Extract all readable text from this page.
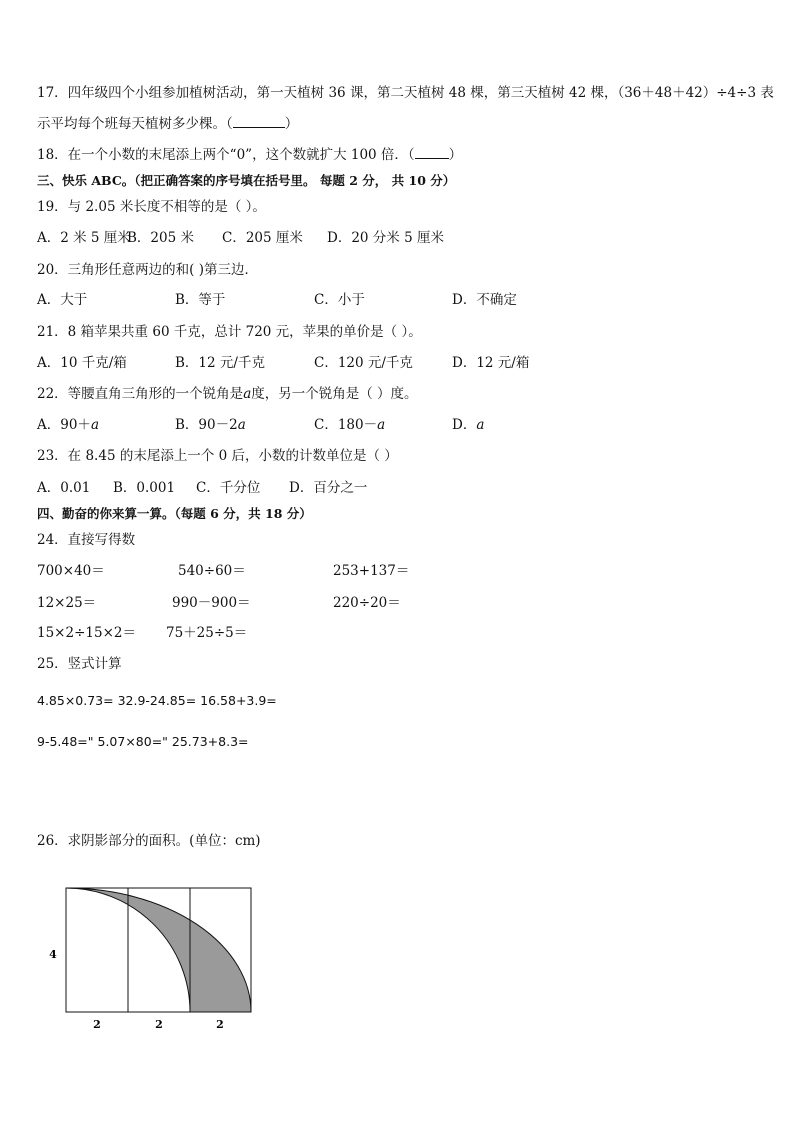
17．四年级四个小组参加植树活动，第一天植树 36 课，第二天植树 48 棵，第三天植树 42 棵，（36＋48＋42）÷4÷3 表
示平均每个班每天植树多少棵。（	）
18．在一个小数的末尾添上两个“0”，这个数就扩大 100 倍．（	）
三、快乐 ABC。（把正确答案的序号填在括号里。 每题 2 分， 共 10 分）
19．与 2.05 米长度不相等的是（ ）。
A．2 米 5 厘米
B．205 米 C．205 厘米 D．20 分米 5 厘米
20．三角形任意两边的和( )第三边．
A．大于	B．等于	C．小于	D．不确定
21．8 箱苹果共重 60 千克，总计 720 元，苹果的单价是（ ）。
A．10 千克/箱	B．12 元/千克	C．120 元/千克	D．12 元/箱
22．等腰直角三角形的一个锐角是a度，另一个锐角是（ ）度。
A．90＋a	B．90－2a	C．180－a	D．a
23．在 8.45 的末尾添上一个 0 后，小数的计数单位是（ ）
A．0.01 B．0.001 C．千分位 D．百分之一
四、勤奋的你来算一算。（每题 6 分，共 18 分）
24．直接写得数
700×40＝	540÷60＝	253+137＝
12×25＝	990－900＝	220÷20＝
15×2÷15×2＝ 75＋25÷5＝
25．竖式计算
4.85×0.73= 32.9-24.85= 16.58+3.9=
9-5.48=" 5.07×80=" 25.73+8.3=
26．求阴影部分的面积。(单位：cm)
4
2	2	2
